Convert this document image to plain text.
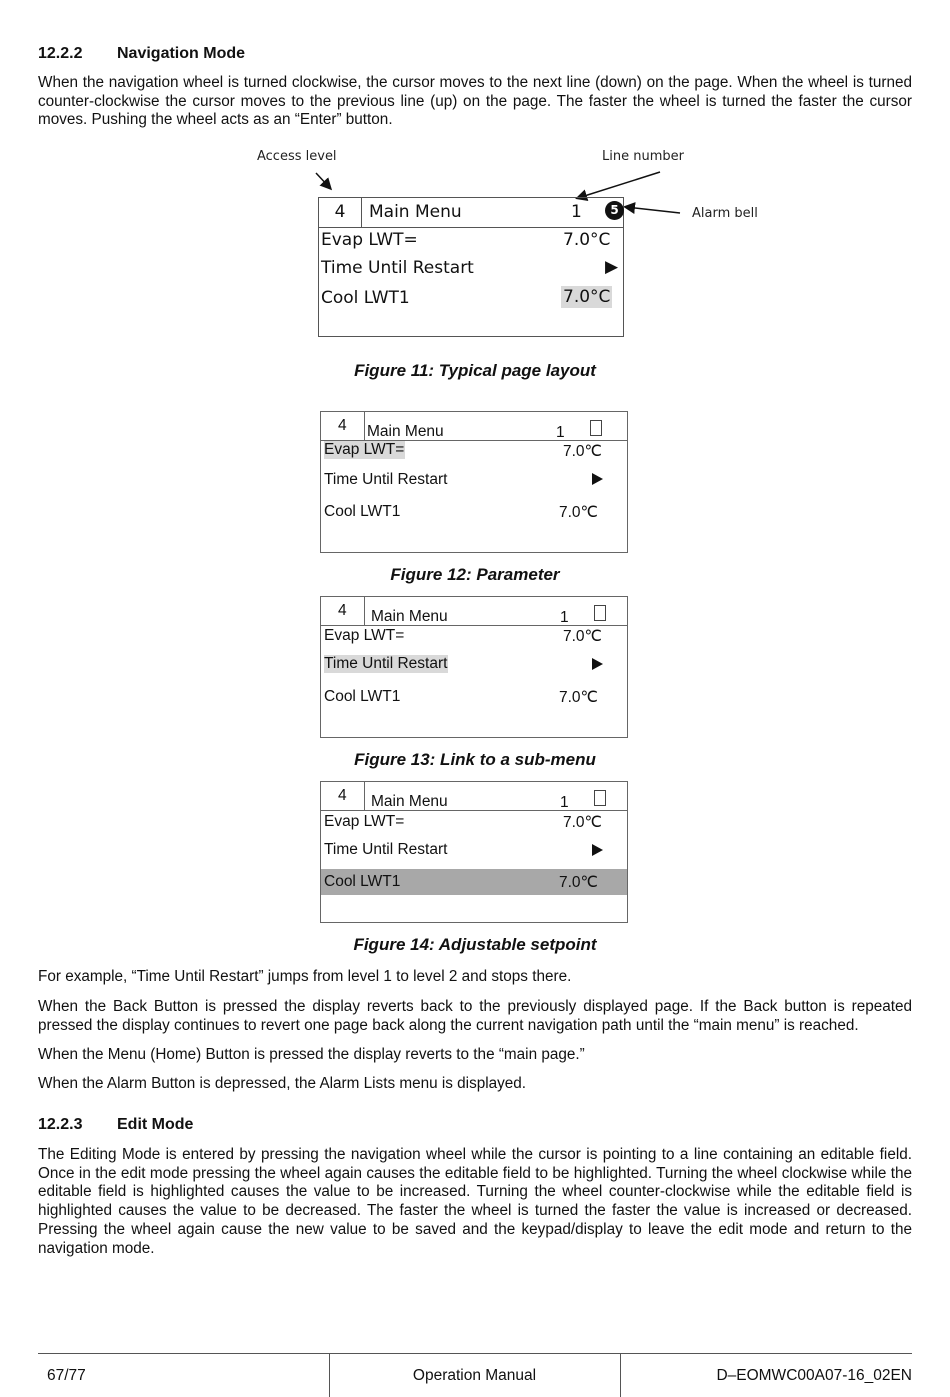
12.2.2 Navigation Mode

When the navigation wheel is turned clockwise, the cursor moves to the next line (down) on the page. When the wheel is turned counter-clockwise the cursor moves to the previous line (up) on the page. The faster the wheel is turned the faster the cursor moves. Pushing the wheel acts as an “Enter” button.

Access level	Line number
Alarm bell
4	Main Menu	1	5
Evap LWT=	7.0°C
Time Until Restart	▶
Cool LWT1	7.0°C
Figure 11: Typical page layout
4 Main Menu	1
Evap LWT=	7.0℃
Time Until Restart
Cool LWT1	7.0℃
Figure 12: Parameter
4 Main Menu	1
Evap LWT=	7.0℃
Time Until Restart
Cool LWT1	7.0℃
Figure 13: Link to a sub-menu
4 Main Menu	1
Evap LWT=	7.0℃
Time Until Restart
Cool LWT1	7.0℃
Figure 14: Adjustable setpoint

For example, “Time Until Restart” jumps from level 1 to level 2 and stops there.

When the Back Button is pressed the display reverts back to the previously displayed page. If the Back button is repeated pressed the display continues to revert one page back along the current navigation path until the “main menu” is reached.

When the Menu (Home) Button is pressed the display reverts to the “main page.”

When the Alarm Button is depressed, the Alarm Lists menu is displayed.

12.2.3 Edit Mode

The Editing Mode is entered by pressing the navigation wheel while the cursor is pointing to a line containing an editable field. Once in the edit mode pressing the wheel again causes the editable field to be highlighted. Turning the wheel clockwise while the editable field is highlighted causes the value to be increased. Turning the wheel counter-clockwise while the editable field is highlighted causes the value to be decreased. The faster the wheel is turned the faster the value is increased or decreased. Pressing the wheel again cause the new value to be saved and the keypad/display to leave the edit mode and return to the navigation mode.

67/77	Operation Manual	D–EOMWC00A07-16_02EN
